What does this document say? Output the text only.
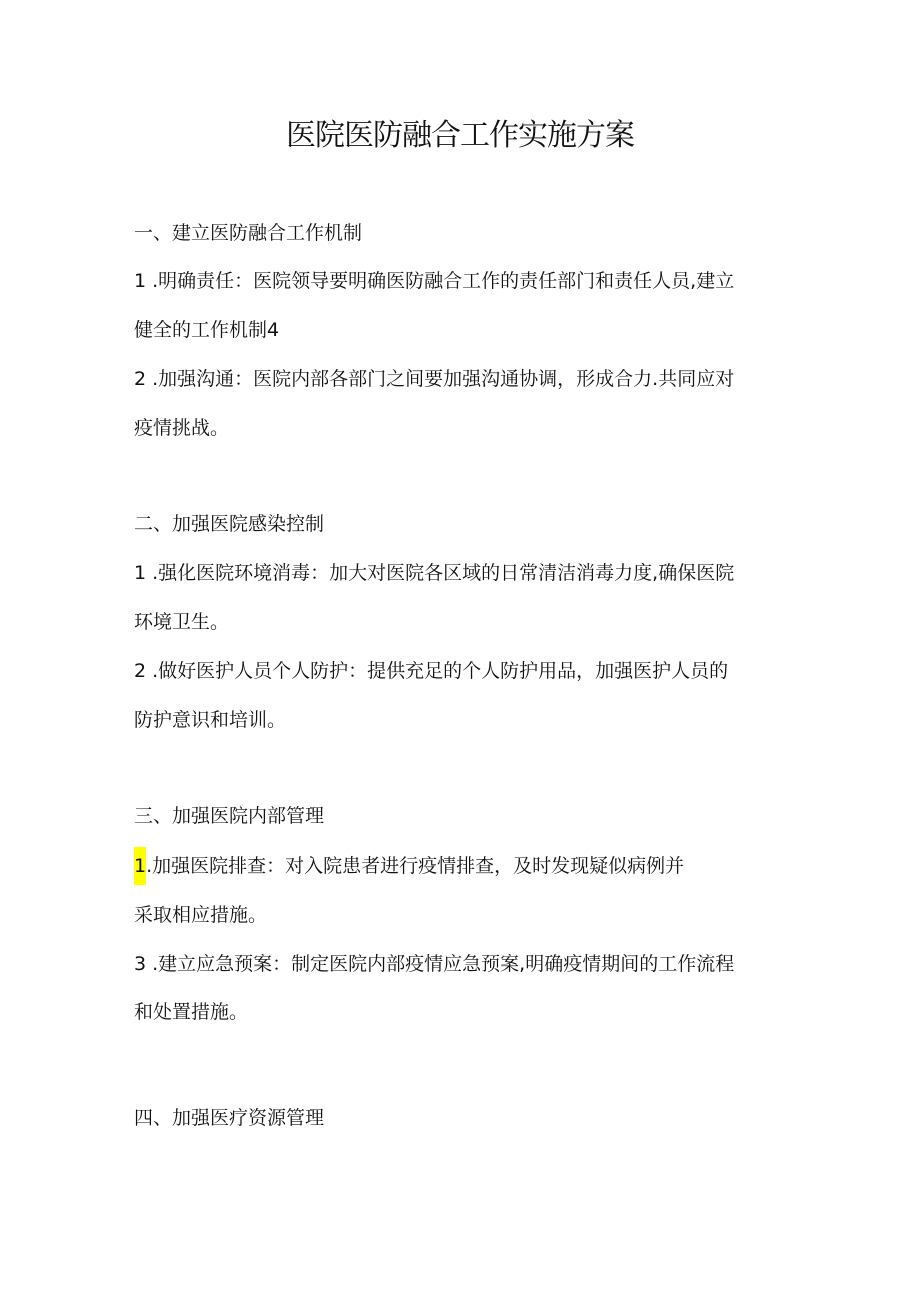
医院医防融合工作实施方案

一、建立医防融合工作机制

1 .明确责任：医院领导要明确医防融合工作的责任部门和责任人员,建立

健全的工作机制4

2 .加强沟通：医院内部各部门之间要加强沟通协调，形成合力.共同应对

疫情挑战。

二、加强医院感染控制

1 .强化医院环境消毒：加大对医院各区域的日常清洁消毒力度,确保医院

环境卫生。

2 .做好医护人员个人防护：提供充足的个人防护用品，加强医护人员的

防护意识和培训。

三、加强医院内部管理

1.加强医院排查：对入院患者进行疫情排查，及时发现疑似病例并

采取相应措施。

3 .建立应急预案：制定医院内部疫情应急预案,明确疫情期间的工作流程

和处置措施。

四、加强医疗资源管理
